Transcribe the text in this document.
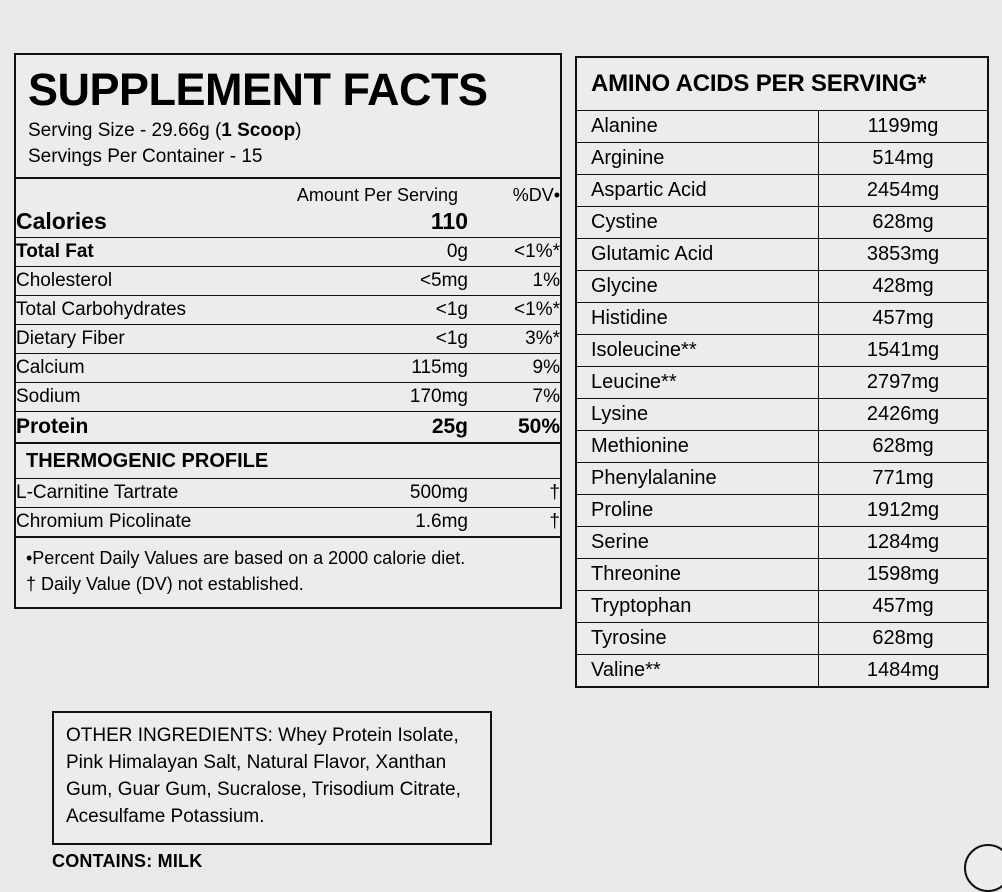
SUPPLEMENT FACTS
Serving Size - 29.66g (1 Scoop)
Servings Per Container - 15
	Amount Per Serving	%DV•
Calories	110	
Total Fat	0g	<1%*
Cholesterol	<5mg	1%
Total Carbohydrates	<1g	<1%*
Dietary Fiber	<1g	3%*
Calcium	115mg	9%
Sodium	170mg	7%
Protein	25g	50%
THERMOGENIC PROFILE
L-Carnitine Tartrate	500mg	†
Chromium Picolinate	1.6mg	†
•Percent Daily Values are based on a 2000 calorie diet.
† Daily Value (DV) not established.
AMINO ACIDS PER SERVING*
Alanine	1199mg
Arginine	514mg
Aspartic Acid	2454mg
Cystine	628mg
Glutamic Acid	3853mg
Glycine	428mg
Histidine	457mg
Isoleucine**	1541mg
Leucine**	2797mg
Lysine	2426mg
Methionine	628mg
Phenylalanine	771mg
Proline	1912mg
Serine	1284mg
Threonine	1598mg
Tryptophan	457mg
Tyrosine	628mg
Valine**	1484mg
OTHER INGREDIENTS: Whey Protein Isolate, Pink Himalayan Salt, Natural Flavor, Xanthan Gum, Guar Gum, Sucralose, Trisodium Citrate, Acesulfame Potassium.
CONTAINS: MILK
